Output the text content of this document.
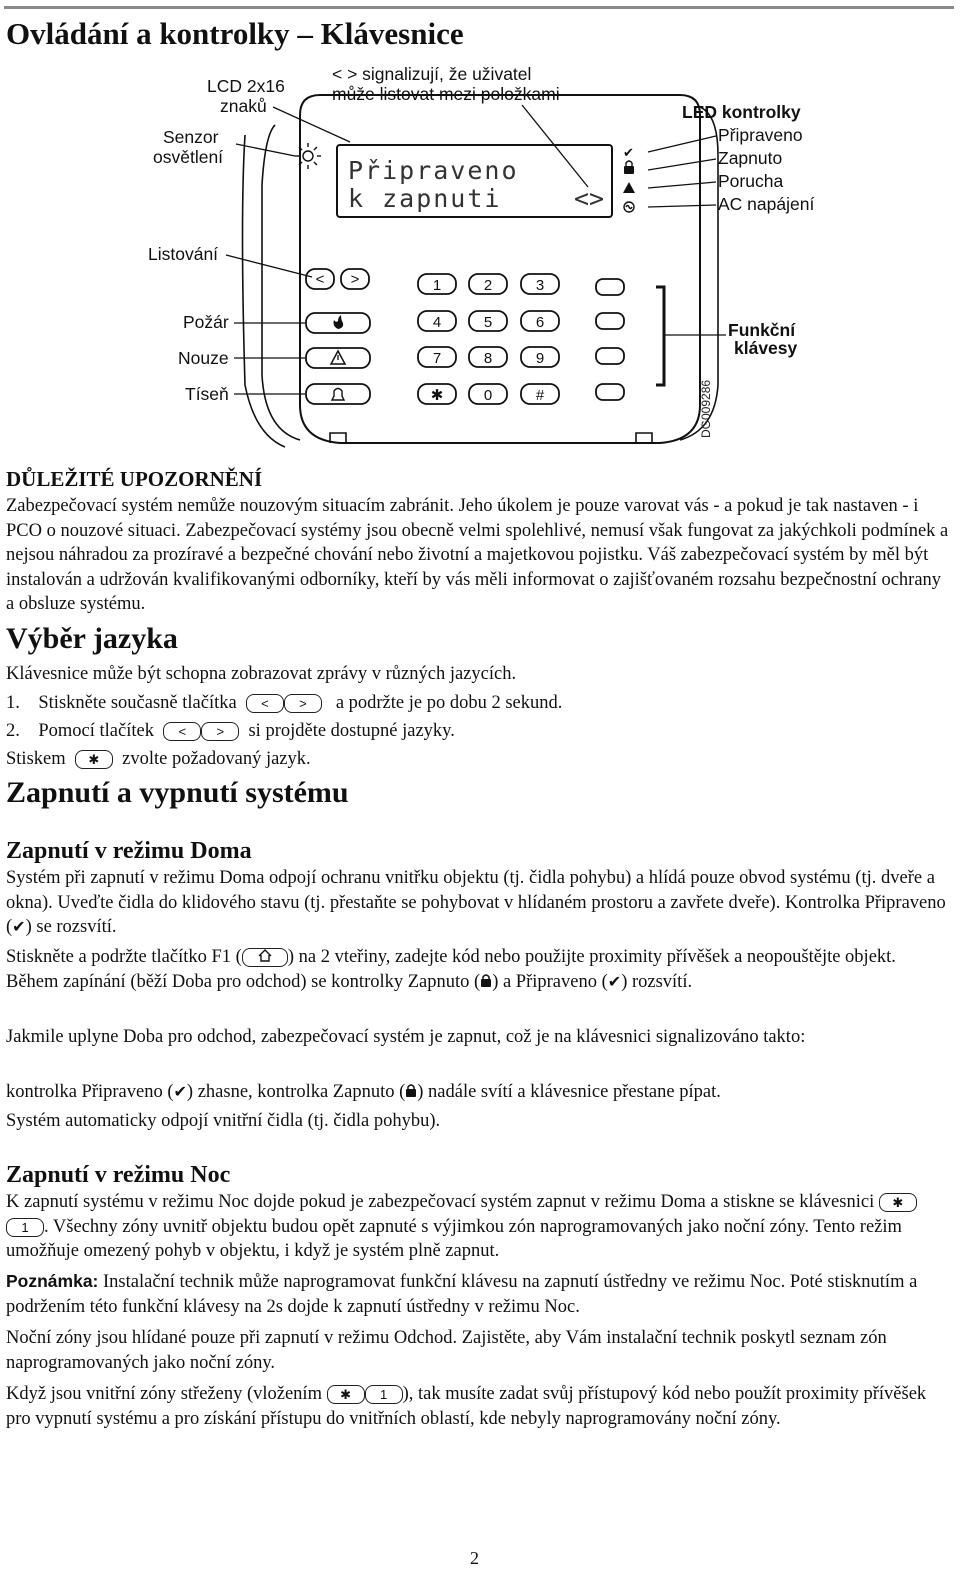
Ovládání a kontrolky – Klávesnice
✔
< >	1	2	3
4	5	6
7	8	9
✱	0	#
Připraveno
k zapnuti	<>
LCD 2x16
znaků
< > signalizují, že uživatel
může listovat mezi položkami
Senzor
osvětlení
Připraveno
Zapnuto
Porucha
AC napájení
Listování
Požár
Nouze
Tíseň
LED kontrolky
Funkční
klávesy
DG009286
DŮLEŽITÉ UPOZORNĚNÍ
Zabezpečovací systém nemůže nouzovým situacím zabránit. Jeho úkolem je pouze varovat vás - a pokud je tak nastaven - i PCO o nouzové situaci. Zabezpečovací systémy jsou obecně velmi spolehlivé, nemusí však fungovat za jakýchkoli podmínek a nejsou náhradou za prozíravé a bezpečné chování nebo životní a majetkovou pojistku. Váš zabezpečovací systém by měl být instalován a udržován kvalifikovanými odborníky, kteří by vás měli informovat o zajišťovaném rozsahu bezpečnostní ochrany a obsluze systému.
Výběr jazyka
Klávesnice může být schopna zobrazovat zprávy v různých jazycích.
1. Stiskněte současně tlačítka < > a podržte je po dobu 2 sekund.
2. Pomocí tlačítek < > si projděte dostupné jazyky.
Stiskem ✱ zvolte požadovaný jazyk.
Zapnutí a vypnutí systému
Zapnutí v režimu Doma
Systém při zapnutí v režimu Doma odpojí ochranu vnitřku objektu (tj. čidla pohybu) a hlídá pouze obvod systému (tj. dveře a okna). Uveďte čidla do klidového stavu (tj. přestaňte se pohybovat v hlídaném prostoru a zavřete dveře). Kontrolka Připraveno (✔) se rozsvítí.
Stiskněte a podržte tlačítko F1 ( ) na 2 vteřiny, zadejte kód nebo použijte proximity přívěšek a neopouštějte objekt. Během zapínání (běží Doba pro odchod) se kontrolky Zapnuto ( ) a Připraveno (✔) rozsvítí.
Jakmile uplyne Doba pro odchod, zabezpečovací systém je zapnut, což je na klávesnici signalizováno takto:
kontrolka Připraveno (✔) zhasne, kontrolka Zapnuto ( ) nadále svítí a klávesnice přestane pípat.
Systém automaticky odpojí vnitřní čidla (tj. čidla pohybu).
Zapnutí v režimu Noc
K zapnutí systému v režimu Noc dojde pokud je zabezpečovací systém zapnut v režimu Doma a stiskne se klávesnici ✱1 . Všechny zóny uvnitř objektu budou opět zapnuté s výjimkou zón naprogramovaných jako noční zóny. Tento režim umožňuje omezený pohyb v objektu, i když je systém plně zapnut.
Poznámka: Instalační technik může naprogramovat funkční klávesu na zapnutí ústředny ve režimu Noc. Poté stisknutím a podržením této funkční klávesy na 2s dojde k zapnutí ústředny v režimu Noc.
Noční zóny jsou hlídané pouze při zapnutí v režimu Odchod. Zajistěte, aby Vám instalační technik poskytl seznam zón naprogramovaných jako noční zóny.
Když jsou vnitřní zóny střeženy (vložením ✱ 1 ), tak musíte zadat svůj přístupový kód nebo použít proximity přívěšek pro vypnutí systému a pro získání přístupu do vnitřních oblastí, kde nebyly naprogramovány noční zóny.
2
